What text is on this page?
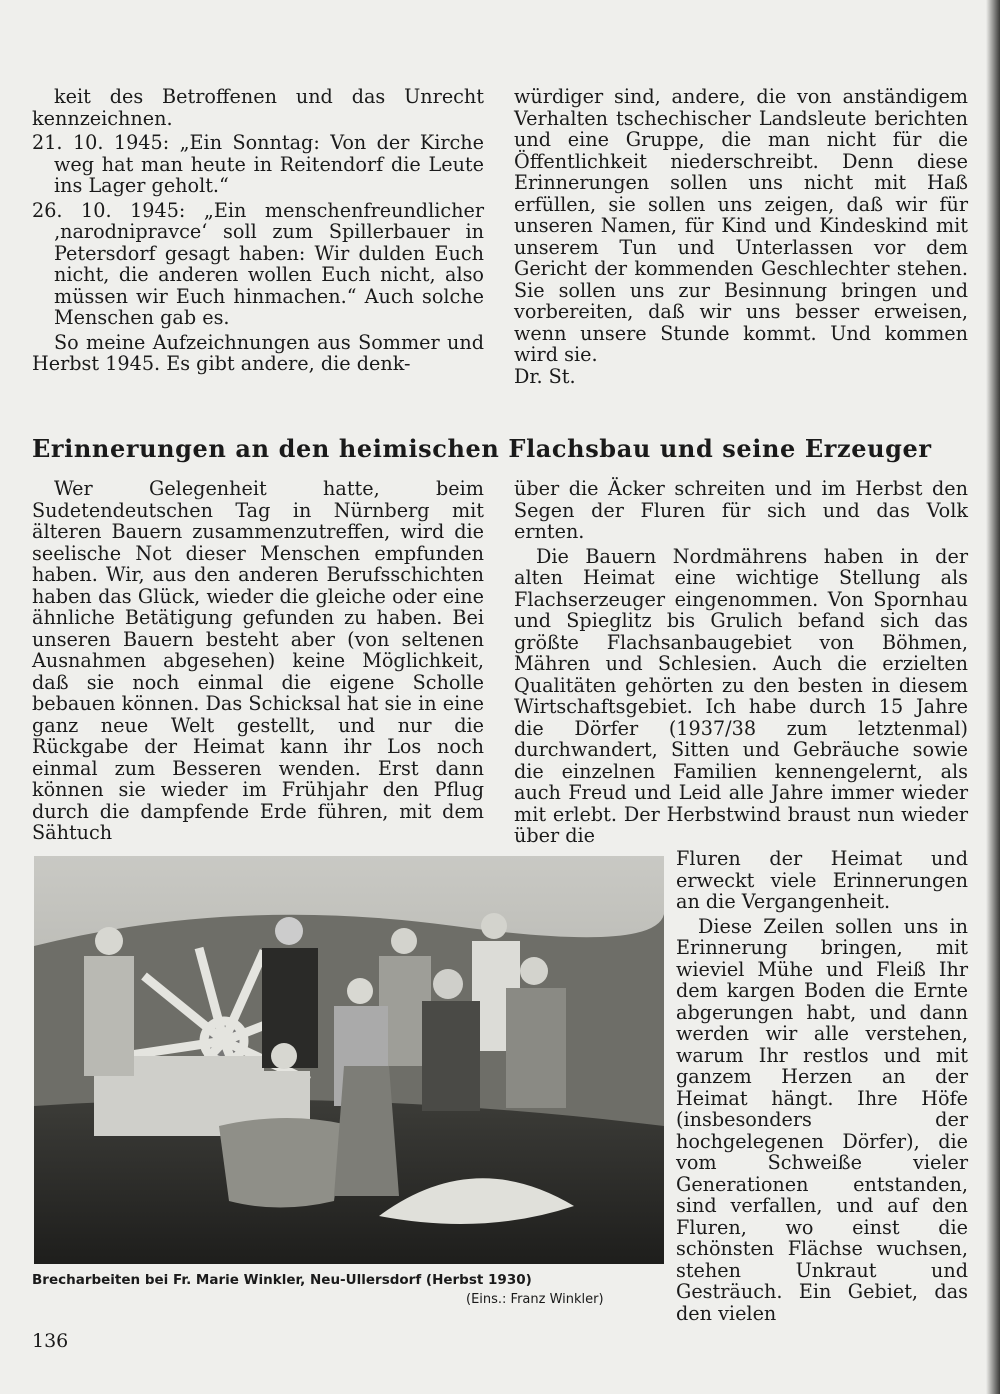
keit des Betroffenen und das Unrecht kennzeichnen.

21. 10. 1945: „Ein Sonntag: Von der Kirche weg hat man heute in Reitendorf die Leute ins Lager geholt.“

26. 10. 1945: „Ein menschenfreundlicher ‚narodnipravce‘ soll zum Spillerbauer in Petersdorf gesagt haben: Wir dulden Euch nicht, die anderen wollen Euch nicht, also müssen wir Euch hinmachen.“ Auch solche Menschen gab es.

So meine Aufzeichnungen aus Sommer und Herbst 1945. Es gibt andere, die denk-

würdiger sind, andere, die von anständigem Verhalten tschechischer Landsleute berichten und eine Gruppe, die man nicht für die Öffentlichkeit niederschreibt. Denn diese Erinnerungen sollen uns nicht mit Haß erfüllen, sie sollen uns zeigen, daß wir für unseren Namen, für Kind und Kindeskind mit unserem Tun und Unterlassen vor dem Gericht der kommenden Geschlechter stehen. Sie sollen uns zur Besinnung bringen und vorbereiten, daß wir uns besser erweisen, wenn unsere Stunde kommt. Und kommen wird sie.

Dr. St.

Erinnerungen an den heimischen Flachsbau und seine Erzeuger

Wer Gelegenheit hatte, beim Sudetendeutschen Tag in Nürnberg mit älteren Bauern zusammenzutreffen, wird die seelische Not dieser Menschen empfunden haben. Wir, aus den anderen Berufsschichten haben das Glück, wieder die gleiche oder eine ähnliche Betätigung gefunden zu haben. Bei unseren Bauern besteht aber (von seltenen Ausnahmen abgesehen) keine Möglichkeit, daß sie noch einmal die eigene Scholle bebauen können. Das Schicksal hat sie in eine ganz neue Welt gestellt, und nur die Rückgabe der Heimat kann ihr Los noch einmal zum Besseren wenden. Erst dann können sie wieder im Frühjahr den Pflug durch die dampfende Erde führen, mit dem Sähtuch

über die Äcker schreiten und im Herbst den Segen der Fluren für sich und das Volk ernten.

Die Bauern Nordmährens haben in der alten Heimat eine wichtige Stellung als Flachserzeuger eingenommen. Von Spornhau und Spieglitz bis Grulich befand sich das größte Flachsanbaugebiet von Böhmen, Mähren und Schlesien. Auch die erzielten Qualitäten gehörten zu den besten in diesem Wirtschaftsgebiet. Ich habe durch 15 Jahre die Dörfer (1937/38 zum letztenmal) durchwandert, Sitten und Gebräuche sowie die einzelnen Familien kennengelernt, als auch Freud und Leid alle Jahre immer wieder mit erlebt. Der Herbstwind braust nun wieder über die

Fluren der Heimat und erweckt viele Erinnerungen an die Vergangenheit.

Diese Zeilen sollen uns in Erinnerung bringen, mit wieviel Mühe und Fleiß Ihr dem kargen Boden die Ernte abgerungen habt, und dann werden wir alle verstehen, warum Ihr restlos und mit ganzem Herzen an der Heimat hängt. Ihre Höfe (insbesonders der hochgelegenen Dörfer), die vom Schweiße vieler Generationen entstanden, sind verfallen, und auf den Fluren, wo einst die schönsten Flächse wuchsen, stehen Unkraut und Gesträuch. Ein Gebiet, das den vielen

Brecharbeiten bei Fr. Marie Winkler, Neu-Ullersdorf (Herbst 1930)
(Eins.: Franz Winkler)
136
